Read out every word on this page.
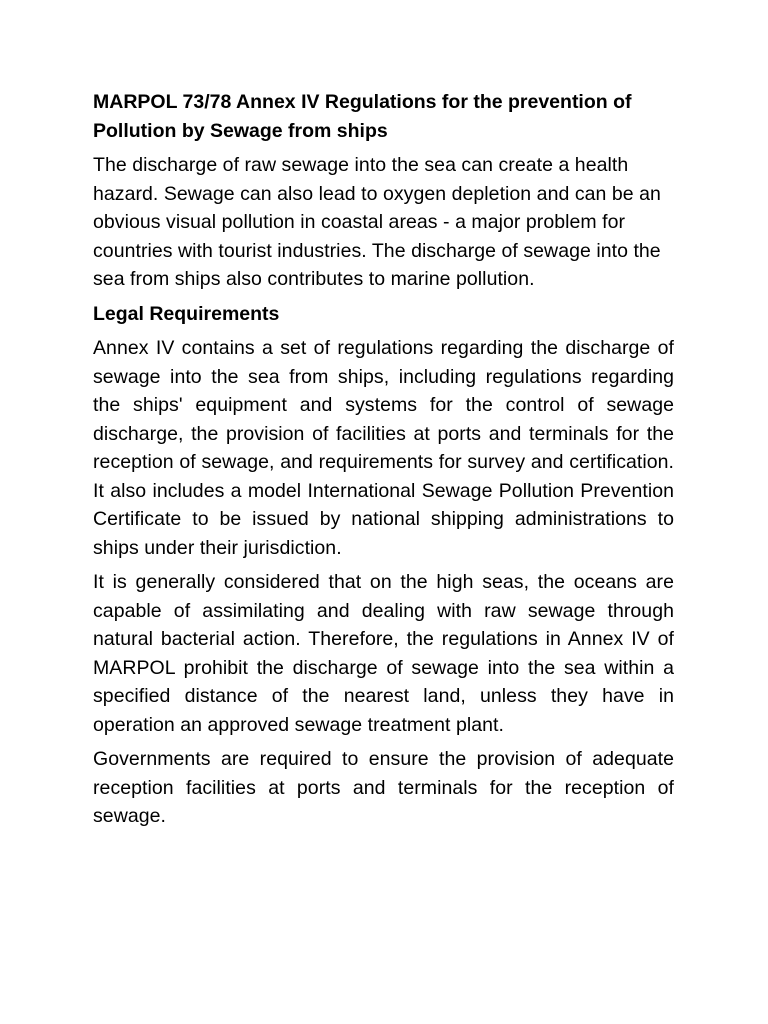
MARPOL 73/78 Annex IV Regulations for the prevention of Pollution by Sewage from ships

The discharge of raw sewage into the sea can create a health hazard. Sewage can also lead to oxygen depletion and can be an obvious visual pollution in coastal areas - a major problem for countries with tourist industries. The discharge of sewage into the sea from ships also contributes to marine pollution.

Legal Requirements

Annex IV contains a set of regulations regarding the discharge of sewage into the sea from ships, including regulations regarding the ships' equipment and systems for the control of sewage discharge, the provision of facilities at ports and terminals for the reception of sewage, and requirements for survey and certification. It also includes a model International Sewage Pollution Prevention Certificate to be issued by national shipping administrations to ships under their jurisdiction.

It is generally considered that on the high seas, the oceans are capable of assimilating and dealing with raw sewage through natural bacterial action. Therefore, the regulations in Annex IV of MARPOL prohibit the discharge of sewage into the sea within a specified distance of the nearest land, unless they have in operation an approved sewage treatment plant.

Governments are required to ensure the provision of adequate reception facilities at ports and terminals for the reception of sewage.
